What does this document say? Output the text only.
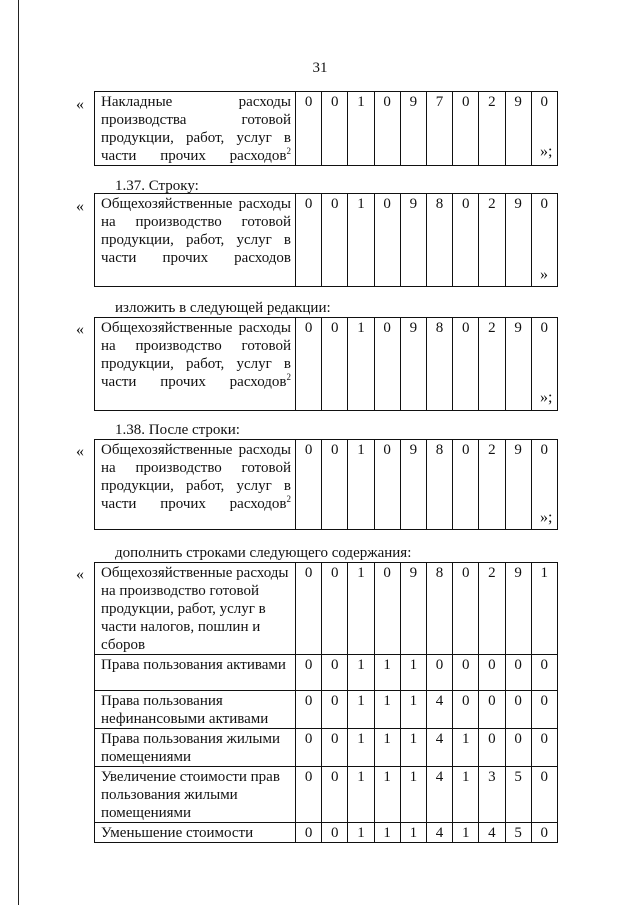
31
« Накладные расходы производства готовой продукции, работ, услуг в части прочих расходов$^2$	0	0	1	0	9	7	0	2	9	0
»;
1.37. Строку:
« Общехозяйственные расходы на производство готовой продукции, работ, услуг в части прочих расходов	0	0	1	0	9	8	0	2	9	0
»
изложить в следующей редакции:
« Общехозяйственные расходы на производство готовой продукции, работ, услуг в части прочих расходов$^2$	0	0	1	0	9	8	0	2	9	0
»;
1.38. После строки:
« Общехозяйственные расходы на производство готовой продукции, работ, услуг в части прочих расходов$^2$	0	0	1	0	9	8	0	2	9	0
»;
дополнить строками следующего содержания:
« Общехозяйственные расходы на производство готовой продукции, работ, услуг в части налогов, пошлин и сборов	0	0	1	0	9	8	0	2	9	1
Права пользования активами	0	0	1	1	1	0	0	0	0	0
Права пользования нефинансовыми активами	0	0	1	1	1	4	0	0	0	0
Права пользования жилыми помещениями	0	0	1	1	1	4	1	0	0	0
Увеличение стоимости прав пользования жилыми помещениями	0	0	1	1	1	4	1	3	5	0
Уменьшение стоимости	0	0	1	1	1	4	1	4	5	0
